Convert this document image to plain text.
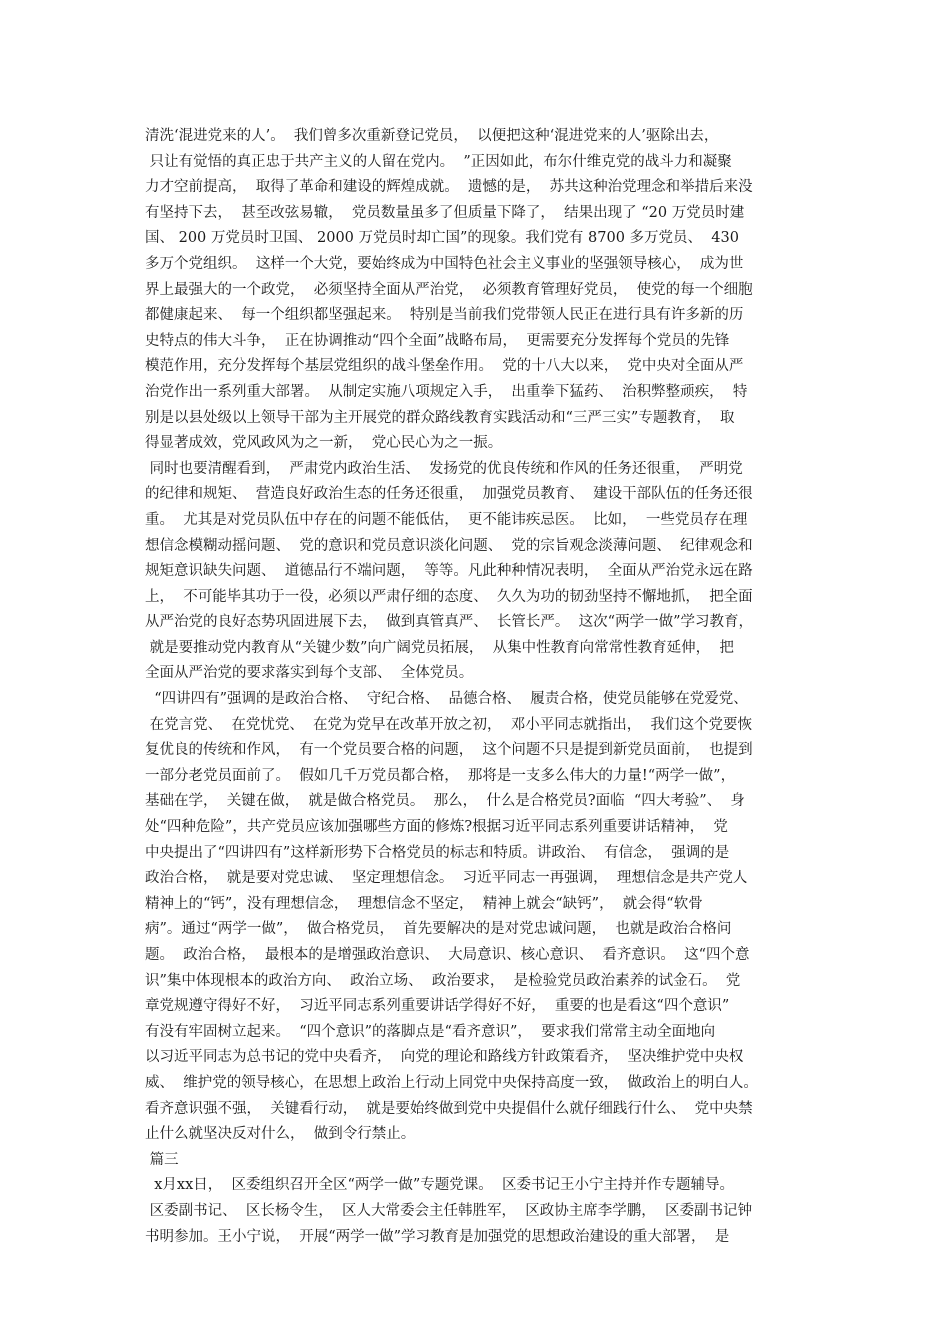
清洗‘混进党来的人’。  我们曾多次重新登记党员，  以便把这种‘混进党来的人’驱除出去，
只让有觉悟的真正忠于共产主义的人留在党内。  ”正因如此，布尔什维克党的战斗力和凝聚
力才空前提高，  取得了革命和建设的辉煌成就。  遗憾的是，  苏共这种治党理念和举措后来没
有坚持下去，  甚至改弦易辙，  党员数量虽多了但质量下降了，  结果出现了 “20 万党员时建
国、 200 万党员时卫国、 2000 万党员时却亡国”的现象。我们党有 8700 多万党员、  430
多万个党组织。  这样一个大党，要始终成为中国特色社会主义事业的坚强领导核心，  成为世
界上最强大的一个政党，  必须坚持全面从严治党，  必须教育管理好党员，  使党的每一个细胞
都健康起来、  每一个组织都坚强起来。  特别是当前我们党带领人民正在进行具有许多新的历
史特点的伟大斗争，  正在协调推动“四个全面”战略布局，  更需要充分发挥每个党员的先锋
模范作用，充分发挥每个基层党组织的战斗堡垒作用。  党的十八大以来，  党中央对全面从严
治党作出一系列重大部署。  从制定实施八项规定入手，  出重拳下猛药、  治积弊整顽疾，  特
别是以县处级以上领导干部为主开展党的群众路线教育实践活动和“三严三实”专题教育，  取
得显著成效，党风政风为之一新，  党心民心为之一振。
同时也要清醒看到，  严肃党内政治生活、  发扬党的优良传统和作风的任务还很重，  严明党
的纪律和规矩、  营造良好政治生态的任务还很重，  加强党员教育、  建设干部队伍的任务还很
重。  尤其是对党员队伍中存在的问题不能低估，  更不能讳疾忌医。  比如，  一些党员存在理
想信念模糊动摇问题、  党的意识和党员意识淡化问题、  党的宗旨观念淡薄问题、  纪律观念和
规矩意识缺失问题、  道德品行不端问题，  等等。凡此种种情况表明，  全面从严治党永远在路
上，  不可能毕其功于一役，必须以严肃仔细的态度、  久久为功的韧劲坚持不懈地抓，  把全面
从严治党的良好态势巩固进展下去，  做到真管真严、  长管长严。  这次“两学一做”学习教育，
就是要推动党内教育从“关键少数”向广阔党员拓展，  从集中性教育向常常性教育延伸，  把
全面从严治党的要求落实到每个支部、  全体党员。
“四讲四有”强调的是政治合格、  守纪合格、  品德合格、  履责合格，使党员能够在党爱党、
在党言党、  在党忧党、  在党为党早在改革开放之初，  邓小平同志就指出，  我们这个党要恢
复优良的传统和作风，  有一个党员要合格的问题，  这个问题不只是提到新党员面前，  也提到
一部分老党员面前了。  假如几千万党员都合格，  那将是一支多么伟大的力量!“两学一做”，
基础在学，  关键在做，  就是做合格党员。  那么，  什么是合格党员?面临  “四大考验”、  身
处“四种危险”，共产党员应该加强哪些方面的修炼?根据习近平同志系列重要讲话精神，  党
中央提出了“四讲四有”这样新形势下合格党员的标志和特质。讲政治、  有信念，  强调的是
政治合格，  就是要对党忠诚、  坚定理想信念。  习近平同志一再强调，  理想信念是共产党人
精神上的“钙”，没有理想信念，  理想信念不坚定，  精神上就会“缺钙”，  就会得“软骨
病”。通过“两学一做”，  做合格党员，  首先要解决的是对党忠诚问题，  也就是政治合格问
题。  政治合格，  最根本的是增强政治意识、  大局意识、核心意识、  看齐意识。  这“四个意
识”集中体现根本的政治方向、  政治立场、  政治要求，  是检验党员政治素养的试金石。  党
章党规遵守得好不好，  习近平同志系列重要讲话学得好不好，  重要的也是看这“四个意识”
有没有牢固树立起来。  “四个意识”的落脚点是“看齐意识”，  要求我们常常主动全面地向
以习近平同志为总书记的党中央看齐，  向党的理论和路线方针政策看齐，  坚决维护党中央权
威、  维护党的领导核心，在思想上政治上行动上同党中央保持高度一致，  做政治上的明白人。
看齐意识强不强，  关键看行动，  就是要始终做到党中央提倡什么就仔细践行什么、  党中央禁
止什么就坚决反对什么，  做到令行禁止。
篇三
x月xx日，  区委组织召开全区“两学一做”专题党课。  区委书记王小宁主持并作专题辅导。
区委副书记、  区长杨令生，  区人大常委会主任韩胜军，  区政协主席李学鹏，  区委副书记钟
书明参加。王小宁说，  开展“两学一做”学习教育是加强党的思想政治建设的重大部署，  是
